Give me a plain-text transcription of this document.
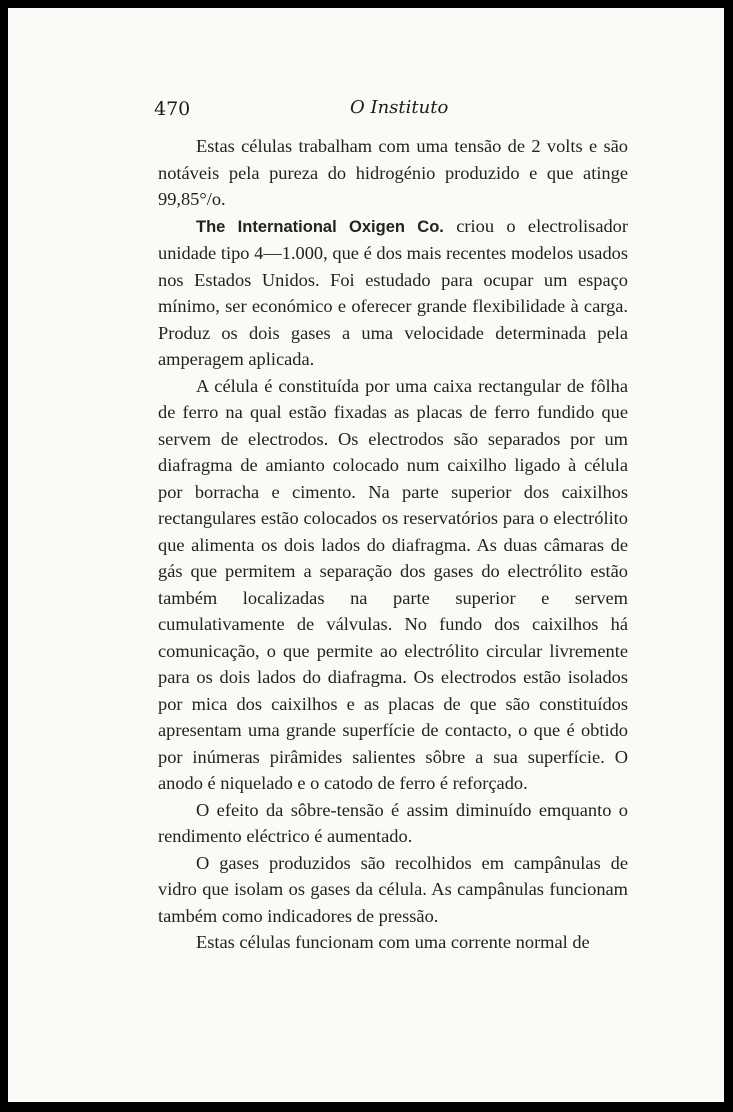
470	O Instituto

Estas células trabalham com uma tensão de 2 volts e são notáveis pela pureza do hidrogénio produzido e que atinge 99,85°/o.

The International Oxigen Co. criou o electrolisador unidade tipo 4—1.000, que é dos mais recentes modelos usados nos Estados Unidos. Foi estudado para ocupar um espaço mínimo, ser económico e oferecer grande flexibilidade à carga. Produz os dois gases a uma velocidade determinada pela amperagem aplicada.

A célula é constituída por uma caixa rectangular de fôlha de ferro na qual estão fixadas as placas de ferro fundido que servem de electrodos. Os electrodos são separados por um diafragma de amianto colocado num caixilho ligado à célula por borracha e cimento. Na parte superior dos caixilhos rectangulares estão colocados os reservatórios para o electrólito que alimenta os dois lados do diafragma. As duas câmaras de gás que permitem a separação dos gases do electrólito estão também localizadas na parte superior e servem cumulativamente de válvulas. No fundo dos caixilhos há comunicação, o que permite ao electrólito circular livremente para os dois lados do diafragma. Os electrodos estão isolados por mica dos caixilhos e as placas de que são constituídos apresentam uma grande superfície de contacto, o que é obtido por inúmeras pirâmides salientes sôbre a sua superfície. O anodo é niquelado e o catodo de ferro é reforçado.

O efeito da sôbre-tensão é assim diminuído emquanto o rendimento eléctrico é aumentado.

O gases produzidos são recolhidos em campânulas de vidro que isolam os gases da célula. As campânulas funcionam também como indicadores de pressão.

Estas células funcionam com uma corrente normal de
